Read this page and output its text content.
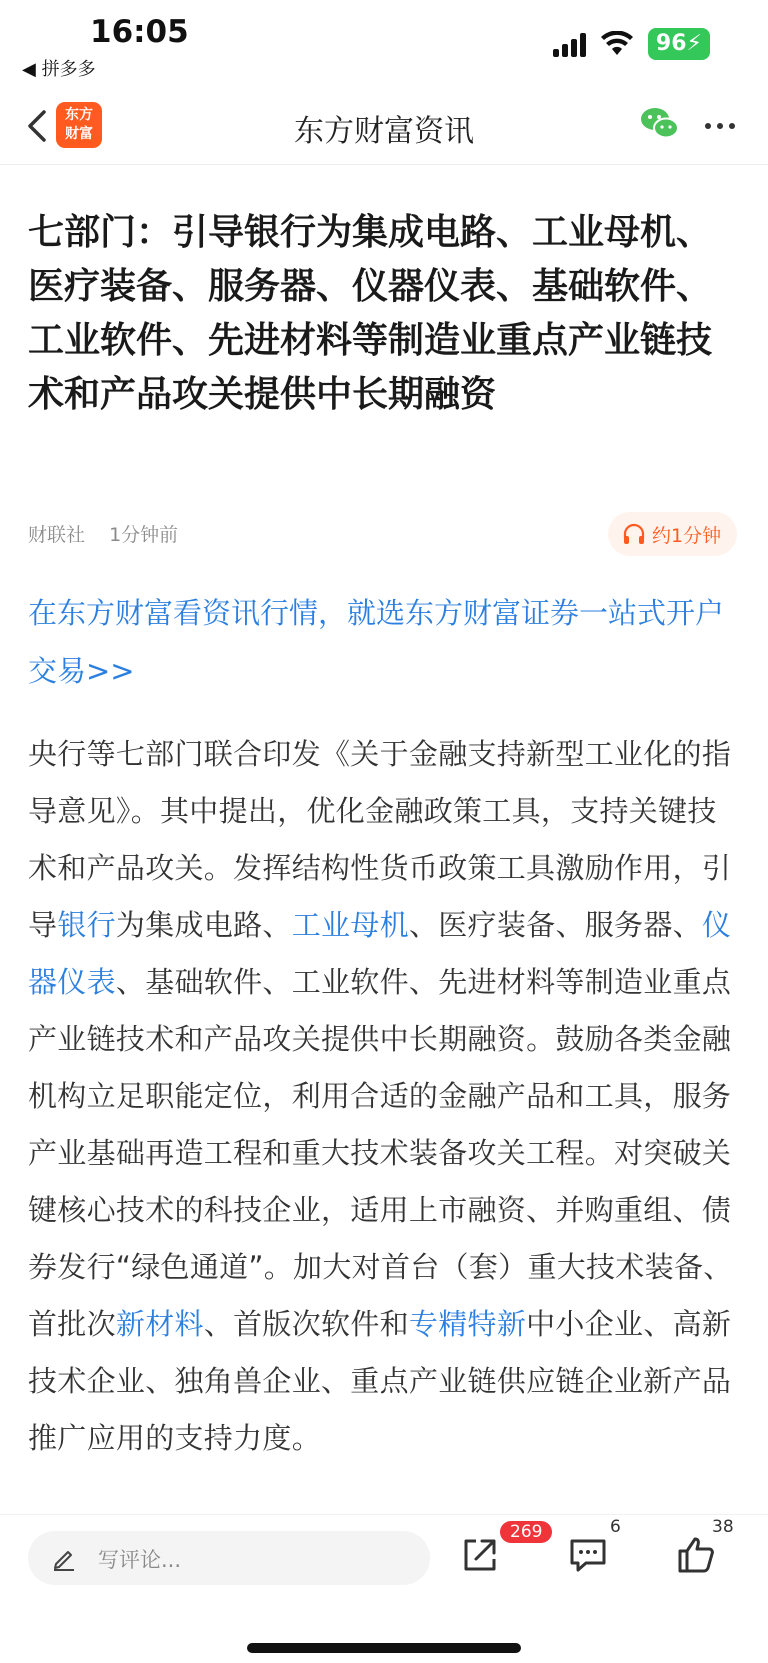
16:05
◀ 拼多多
96⚡
东方
财富	东方财富资讯
七部门：引导银行为集成电路、工业母机、医疗装备、服务器、仪器仪表、基础软件、工业软件、先进材料等制造业重点产业链技术和产品攻关提供中长期融资
财联社 1分钟前	约1分钟

在东方财富看资讯行情，就选东方财富证券一站式开户交易>>

央行等七部门联合印发《关于金融支持新型工业化的指导意见》。其中提出，优化金融政策工具，支持关键技术和产品攻关。发挥结构性货币政策工具激励作用，引导银行为集成电路、工业母机、医疗装备、服务器、仪器仪表、基础软件、工业软件、先进材料等制造业重点产业链技术和产品攻关提供中长期融资。鼓励各类金融机构立足职能定位，利用合适的金融产品和工具，服务产业基础再造工程和重大技术装备攻关工程。对突破关键核心技术的科技企业，适用上市融资、并购重组、债券发行“绿色通道”。加大对首台（套）重大技术装备、首批次新材料、首版次软件和专精特新中小企业、高新技术企业、独角兽企业、重点产业链供应链企业新产品推广应用的支持力度。

写评论...
269	6	38
